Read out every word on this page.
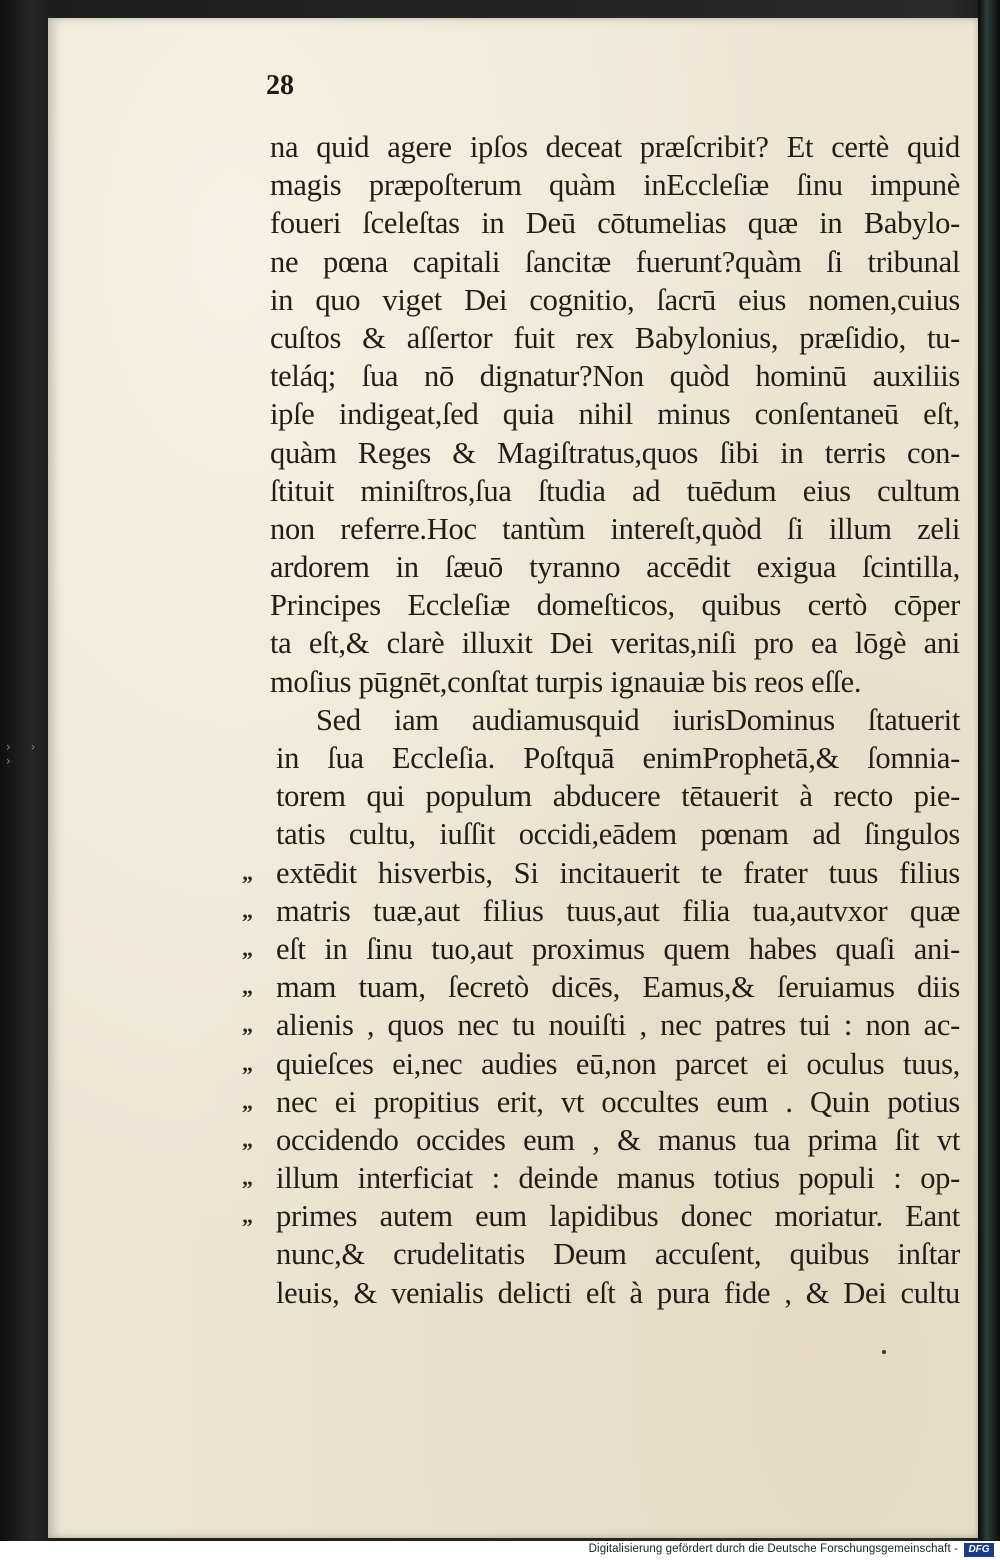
› › ›
28
na quid agere ipſos deceat præſcribit? Et certè quid
magis præpoſterum quàm inEccleſiæ ſinu impunè
foueri ſceleſtas in Deū cōtumelias quæ in Babylo-
ne pœna capitali ſancitæ fuerunt?quàm ſi tribunal
in quo viget Dei cognitio, ſacrū eius nomen,cuius
cuſtos & aſſertor fuit rex Babylonius, præſidio, tu-
teláq; ſua nō dignatur?Non quòd hominū auxiliis
ipſe indigeat,ſed quia nihil minus conſentaneū eſt,
quàm Reges & Magiſtratus,quos ſibi in terris con-
ſtituit miniſtros,ſua ſtudia ad tuēdum eius cultum
non referre.Hoc tantùm intereſt,quòd ſi illum zeli
ardorem in ſæuō tyranno accēdit exigua ſcintilla,
Principes Eccleſiæ domeſticos, quibus certò cōper
ta eſt,& clarè illuxit Dei veritas,niſi pro ea lōgè ani
moſius pūgnēt,conſtat turpis ignauiæ bis reos eſſe.
Sed iam audiamusquid iurisDominus ſtatuerit
in ſua Eccleſia. Poſtquā enimProphetā,& ſomnia-
torem qui populum abducere tētauerit à recto pie-
tatis cultu, iuſſit occidi,eādem pœnam ad ſingulos
„ extēdit hisverbis, Si incitauerit te frater tuus filius
„ matris tuæ,aut filius tuus,aut filia tua,autvxor quæ
„ eſt in ſinu tuo,aut proximus quem habes quaſi ani-
„ mam tuam, ſecretò dicēs, Eamus,& ſeruiamus diis
„ alienis , quos nec tu nouiſti , nec patres tui : non ac-
„ quieſces ei,nec audies eū,non parcet ei oculus tuus,
„ nec ei propitius erit, vt occultes eum . Quin potius
„ occidendo occides eum , & manus tua prima ſit vt
„ illum interficiat : deinde manus totius populi : op-
„ primes autem eum lapidibus donec moriatur. Eant
nunc,& crudelitatis Deum accuſent, quibus inſtar
leuis, & venialis delicti eſt à pura fide , & Dei cultu
Digitalisierung gefördert durch die Deutsche Forschungsgemeinschaft -	DFG
